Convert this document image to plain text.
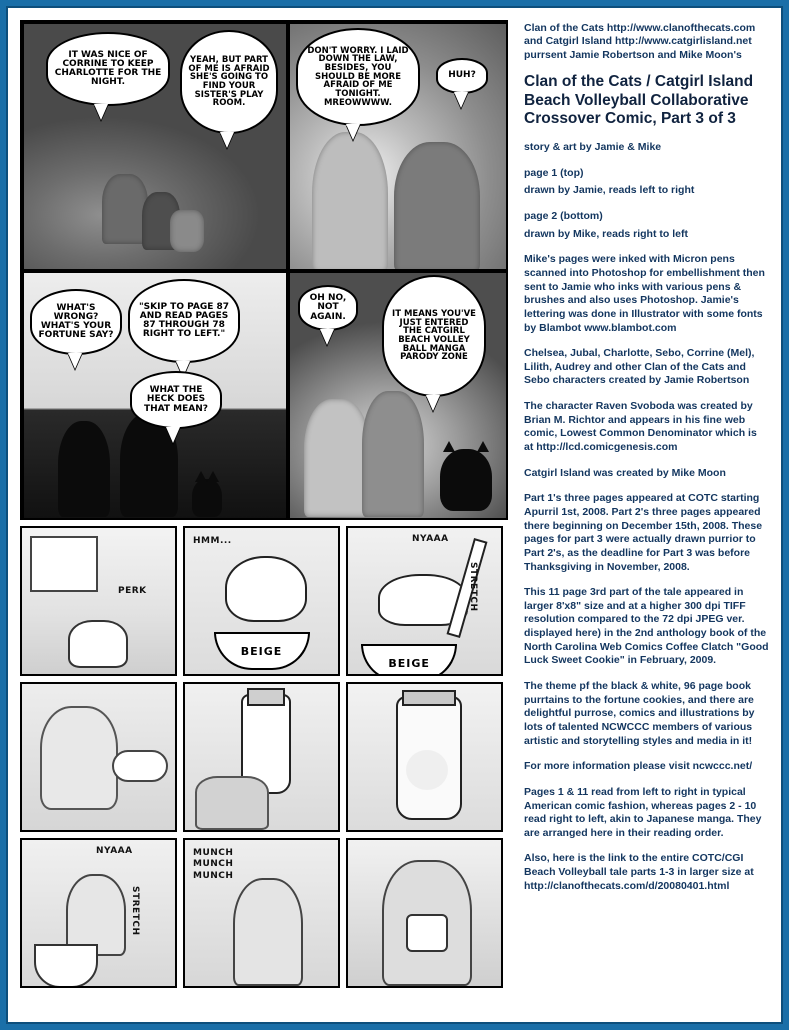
IT WAS NICE OF CORRINE TO KEEP CHARLOTTE FOR THE NIGHT.
YEAH, BUT PART OF ME IS AFRAID SHE'S GOING TO FIND YOUR SISTER'S PLAY ROOM.
DON'T WORRY. I LAID DOWN THE LAW, BESIDES, YOU SHOULD BE MORE AFRAID OF ME TONIGHT. MREOWWWW.
HUH?
WHAT'S WRONG? WHAT'S YOUR FORTUNE SAY?
"SKIP TO PAGE 87 AND READ PAGES 87 THROUGH 78 RIGHT TO LEFT."
WHAT THE HECK DOES THAT MEAN?
OH NO, NOT AGAIN.	IT MEANS YOU'VE JUST ENTERED THE CATGIRL BEACH VOLLEY BALL MANGA PARODY ZONE
PERK
BEIGE
HMM...	NYAAA
STRETCH
BEIGE
NYAAA
STRETCH
MUNCH MUNCH MUNCH
Clan of the Cats http://www.clanofthecats.com
and Catgirl Island http://www.catgirlisland.net
purrsent Jamie Robertson and Mike Moon's
Clan of the Cats / Catgirl Island Beach Volleyball Collaborative Crossover Comic, Part 3 of 3
story & art by Jamie & Mike
page 1 (top)
drawn by Jamie, reads left to right
page 2 (bottom)
drawn by Mike, reads right to left
Mike's pages were inked with Micron pens scanned into Photoshop for embellishment then sent to Jamie who inks with various pens & brushes and also uses Photoshop. Jamie's lettering was done in Illustrator with some fonts by Blambot www.blambot.com
Chelsea, Jubal, Charlotte, Sebo, Corrine (Mel), Lilith, Audrey and other Clan of the Cats and Sebo characters created by Jamie Robertson
The character Raven Svoboda was created by Brian M. Richtor and appears in his fine web comic, Lowest Common Denominator which is at http://lcd.comicgenesis.com
Catgirl Island was created by Mike Moon
Part 1's three pages appeared at COTC starting Apurril 1st, 2008. Part 2's three pages appeared there beginning on December 15th, 2008. These pages for part 3 were actually drawn purrior to Part 2's, as the deadline for Part 3 was before Thanksgiving in November, 2008.
This 11 page 3rd part of the tale appeared in larger 8'x8" size and at a higher 300 dpi TIFF resolution compared to the 72 dpi JPEG ver. displayed here) in the 2nd anthology book of the North Carolina Web Comics Coffee Clatch "Good Luck Sweet Cookie" in February, 2009.
The theme pf the black & white, 96 page book purrtains to the fortune cookies, and there are delightful purrose, comics and illustrations by lots of talented NCWCCC members of various artistic and storytelling styles and media in it!
For more information please visit ncwccc.net/
Pages 1 & 11 read from left to right in typical American comic fashion, whereas pages 2 - 10 read right to left, akin to Japanese manga. They are arranged here in their reading order.
Also, here is the link to the entire COTC/CGI Beach Volleyball tale parts 1-3 in larger size at http://clanofthecats.com/d/20080401.html
